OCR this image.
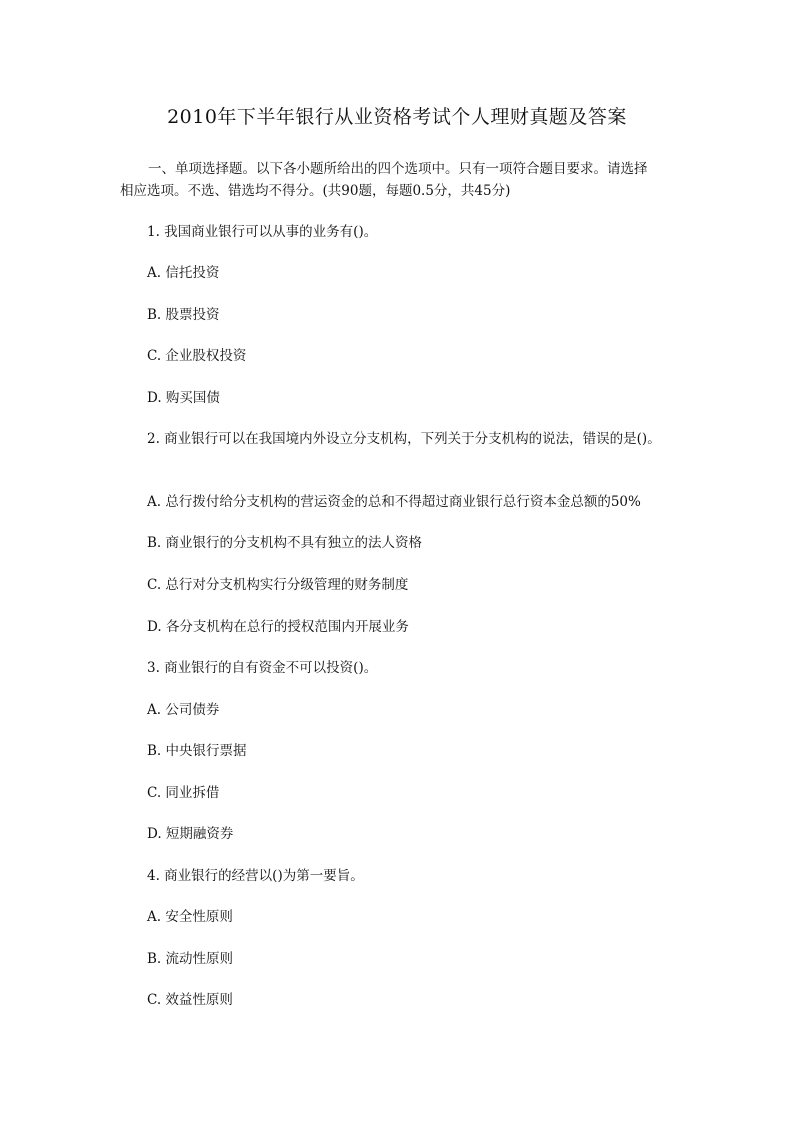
2010年下半年银行从业资格考试个人理财真题及答案
一、单项选择题。以下各小题所给出的四个选项中。只有一项符合题目要求。请选择
相应选项。不选、错选均不得分。(共90题，每题0.5分，共45分)
1. 我国商业银行可以从事的业务有()。
A. 信托投资
B. 股票投资
C. 企业股权投资
D. 购买国债
2. 商业银行可以在我国境内外设立分支机构，下列关于分支机构的说法，错误的是()。
A. 总行拨付给分支机构的营运资金的总和不得超过商业银行总行资本金总额的50%
B. 商业银行的分支机构不具有独立的法人资格
C. 总行对分支机构实行分级管理的财务制度
D. 各分支机构在总行的授权范围内开展业务
3. 商业银行的自有资金不可以投资()。
A. 公司债券
B. 中央银行票据
C. 同业拆借
D. 短期融资券
4. 商业银行的经营以()为第一要旨。
A. 安全性原则
B. 流动性原则
C. 效益性原则
